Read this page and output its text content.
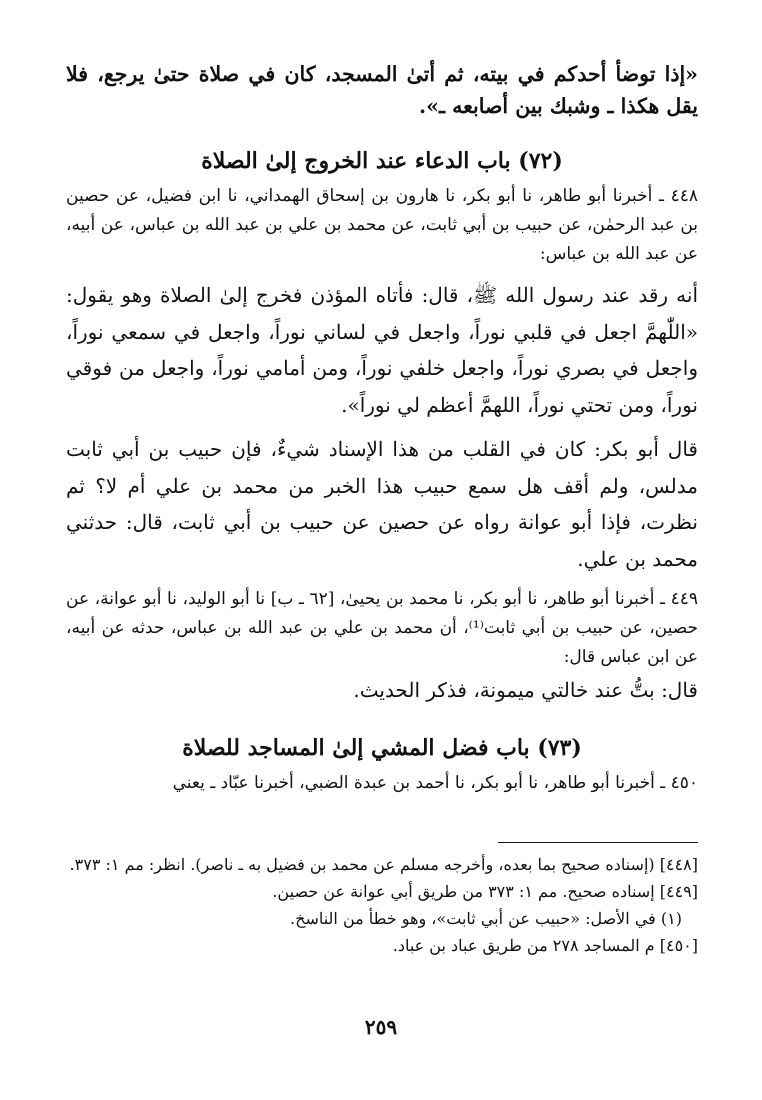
«إذا توضأ أحدكم في بيته، ثم أتىٰ المسجد، كان في صلاة حتىٰ يرجع، فلا يقل هكذا ـ وشبك بين أصابعه ـ».

(٧٢) باب الدعاء عند الخروج إلىٰ الصلاة

٤٤٨ ـ أخبرنا أبو طاهر، نا أبو بكر، نا هارون بن إسحاق الهمداني، نا ابن فضيل، عن حصين بن عبد الرحمٰن، عن حبيب بن أبي ثابت، عن محمد بن علي بن عبد الله بن عباس، عن أبيه، عن عبد الله بن عباس:

أنه رقد عند رسول الله ﷺ، قال: فأتاه المؤذن فخرج إلىٰ الصلاة وهو يقول: «اللّٰهمَّ اجعل في قلبي نوراً، واجعل في لساني نوراً، واجعل في سمعي نوراً، واجعل في بصري نوراً، واجعل خلفي نوراً، ومن أمامي نوراً، واجعل من فوقي نوراً، ومن تحتي نوراً، اللهمَّ أعظم لي نوراً».

قال أبو بكر: كان في القلب من هذا الإسناد شيءٌ، فإن حبيب بن أبي ثابت مدلس، ولم أقف هل سمع حبيب هذا الخبر من محمد بن علي أم لا؟ ثم نظرت، فإذا أبو عوانة رواه عن حصين عن حبيب بن أبي ثابت، قال: حدثني محمد بن علي.

٤٤٩ ـ أخبرنا أبو طاهر، نا أبو بكر، نا محمد بن يحيىٰ، [٦٢ ـ ب] نا أبو الوليد، نا أبو عوانة، عن حصين، عن حبيب بن أبي ثابت⁽¹⁾، أن محمد بن علي بن عبد الله بن عباس، حدثه عن أبيه، عن ابن عباس قال:

قال: بتُّ عند خالتي ميمونة، فذكر الحديث.

(٧٣) باب فضل المشي إلىٰ المساجد للصلاة

٤٥٠ ـ أخبرنا أبو طاهر، نا أبو بكر، نا أحمد بن عبدة الضبي، أخبرنا عبّاد ـ يعني

[٤٤٨] (إسناده صحيح بما بعده، وأخرجه مسلم عن محمد بن فضيل به ـ ناصر). انظر: مم ١: ٣٧٣.

[٤٤٩] إسناده صحيح. مم ١: ٣٧٣ من طريق أبي عوانة عن حصين.

(١) في الأصل: «حبيب عن أبي ثابت»، وهو خطأ من الناسخ.

[٤٥٠] م المساجد ٢٧٨ من طريق عباد بن عباد.

٢٥٩
